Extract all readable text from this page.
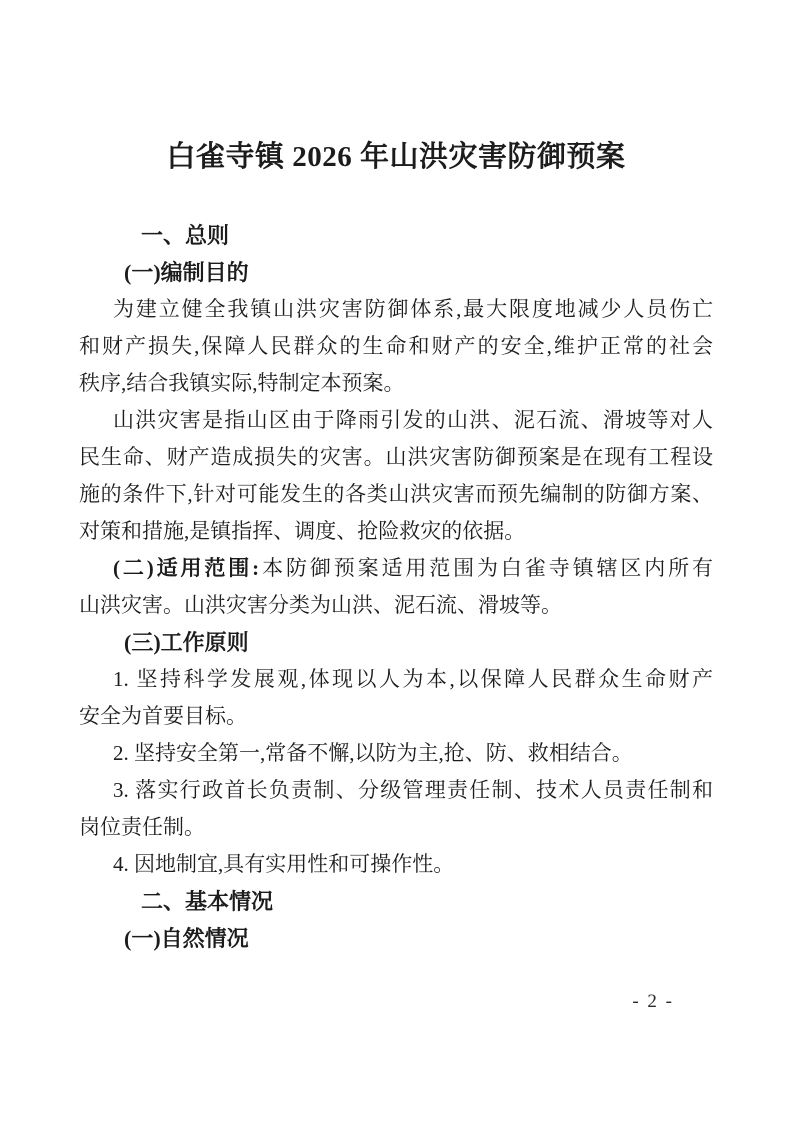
白雀寺镇 2026 年山洪灾害防御预案
一、总则
(一)编制目的
为建立健全我镇山洪灾害防御体系,最大限度地减少人员伤亡
和财产损失,保障人民群众的生命和财产的安全,维护正常的社会
秩序,结合我镇实际,特制定本预案。
山洪灾害是指山区由于降雨引发的山洪、泥石流、滑坡等对人
民生命、财产造成损失的灾害。山洪灾害防御预案是在现有工程设
施的条件下,针对可能发生的各类山洪灾害而预先编制的防御方案、
对策和措施,是镇指挥、调度、抢险救灾的依据。
(二)适用范围:本防御预案适用范围为白雀寺镇辖区内所有
山洪灾害。山洪灾害分类为山洪、泥石流、滑坡等。
(三)工作原则
1. 坚持科学发展观,体现以人为本,以保障人民群众生命财产
安全为首要目标。
2. 坚持安全第一,常备不懈,以防为主,抢、防、救相结合。
3. 落实行政首长负责制、分级管理责任制、技术人员责任制和
岗位责任制。
4. 因地制宜,具有实用性和可操作性。
二、基本情况
(一)自然情况
- 2 -
